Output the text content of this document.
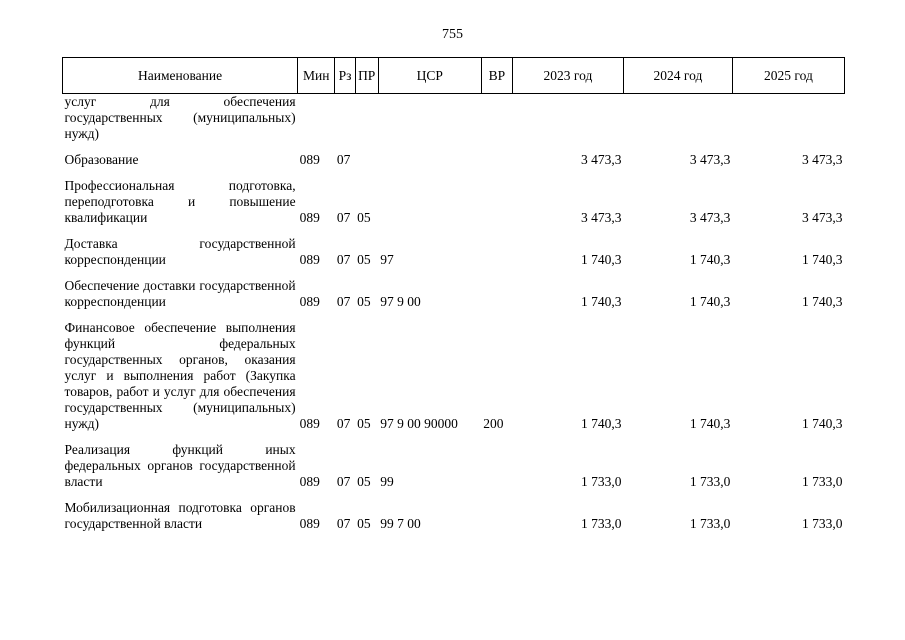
755
Наименование	Мин	Рз	ПР	ЦСР	ВР	2023 год	2024 год	2025 год
услуг для обеспечения государственных (муниципальных) нужд)								

Образование	089	07				3 473,3	3 473,3	3 473,3

Профессиональная подготовка, переподготовка и повышение квалификации	089	07	05			3 473,3	3 473,3	3 473,3

Доставка государственной корреспонденции	089	07	05	97		1 740,3	1 740,3	1 740,3

Обеспечение доставки государственной корреспонденции	089	07	05	97 9 00		1 740,3	1 740,3	1 740,3

Финансовое обеспечение выполнения функций федеральных государственных органов, оказания услуг и выполнения работ (Закупка товаров, работ и услуг для обеспечения государственных (муниципальных) нужд)	089	07	05	97 9 00 90000	200	1 740,3	1 740,3	1 740,3

Реализация функций иных федеральных органов государственной власти	089	07	05	99		1 733,0	1 733,0	1 733,0

Мобилизационная подготовка органов государственной власти	089	07	05	99 7 00		1 733,0	1 733,0	1 733,0
